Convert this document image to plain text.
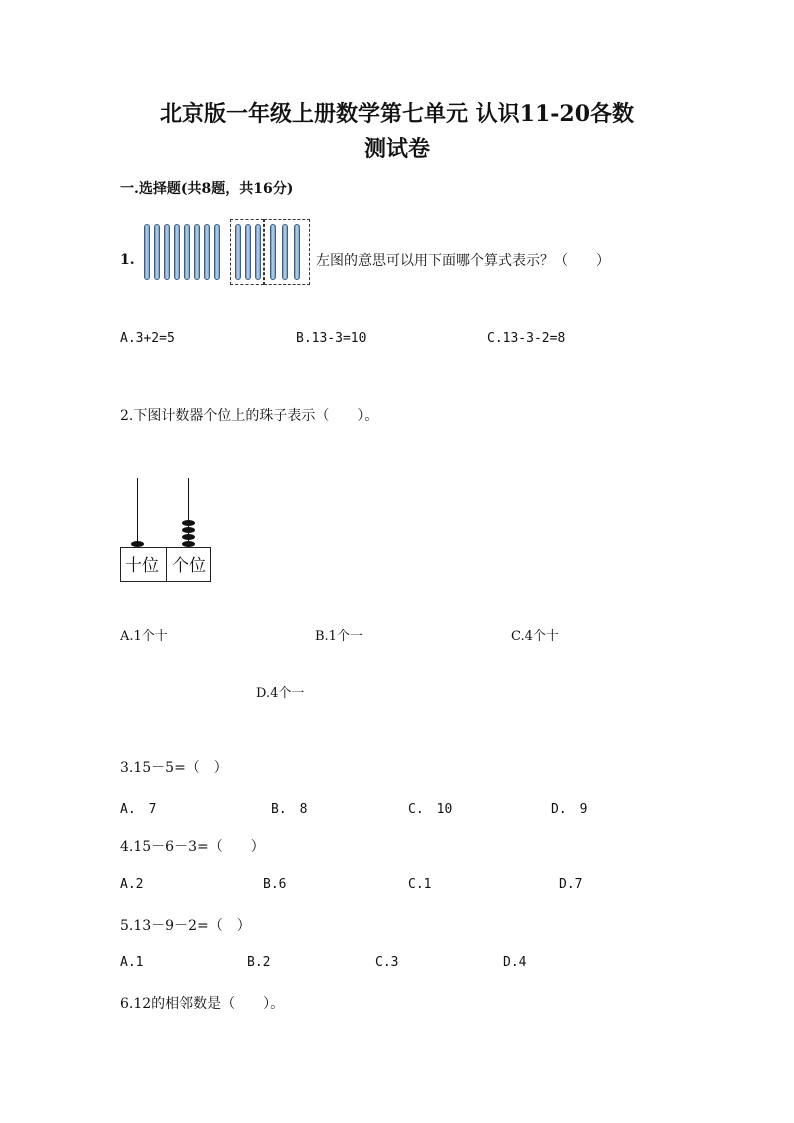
北京版一年级上册数学第七单元 认识11-20各数
测试卷
一.选择题(共8题，共16分)
1.	左图的意思可以用下面哪个算式表示？（　　）
A.3+2=5	B.13-3=10	C.13-3-2=8
2.下图计数器个位上的珠子表示（　　）。
十位 个位
A.1个十	B.1个一	C.4个十
D.4个一
3.15－5=（　）
A.　7	B.　8	C.　10	D.　9
4.15－6－3=（　　）
A.2	B.6	C.1	D.7
5.13－9－2=（　）
A.1	B.2	C.3	D.4
6.12的相邻数是（　　）。
